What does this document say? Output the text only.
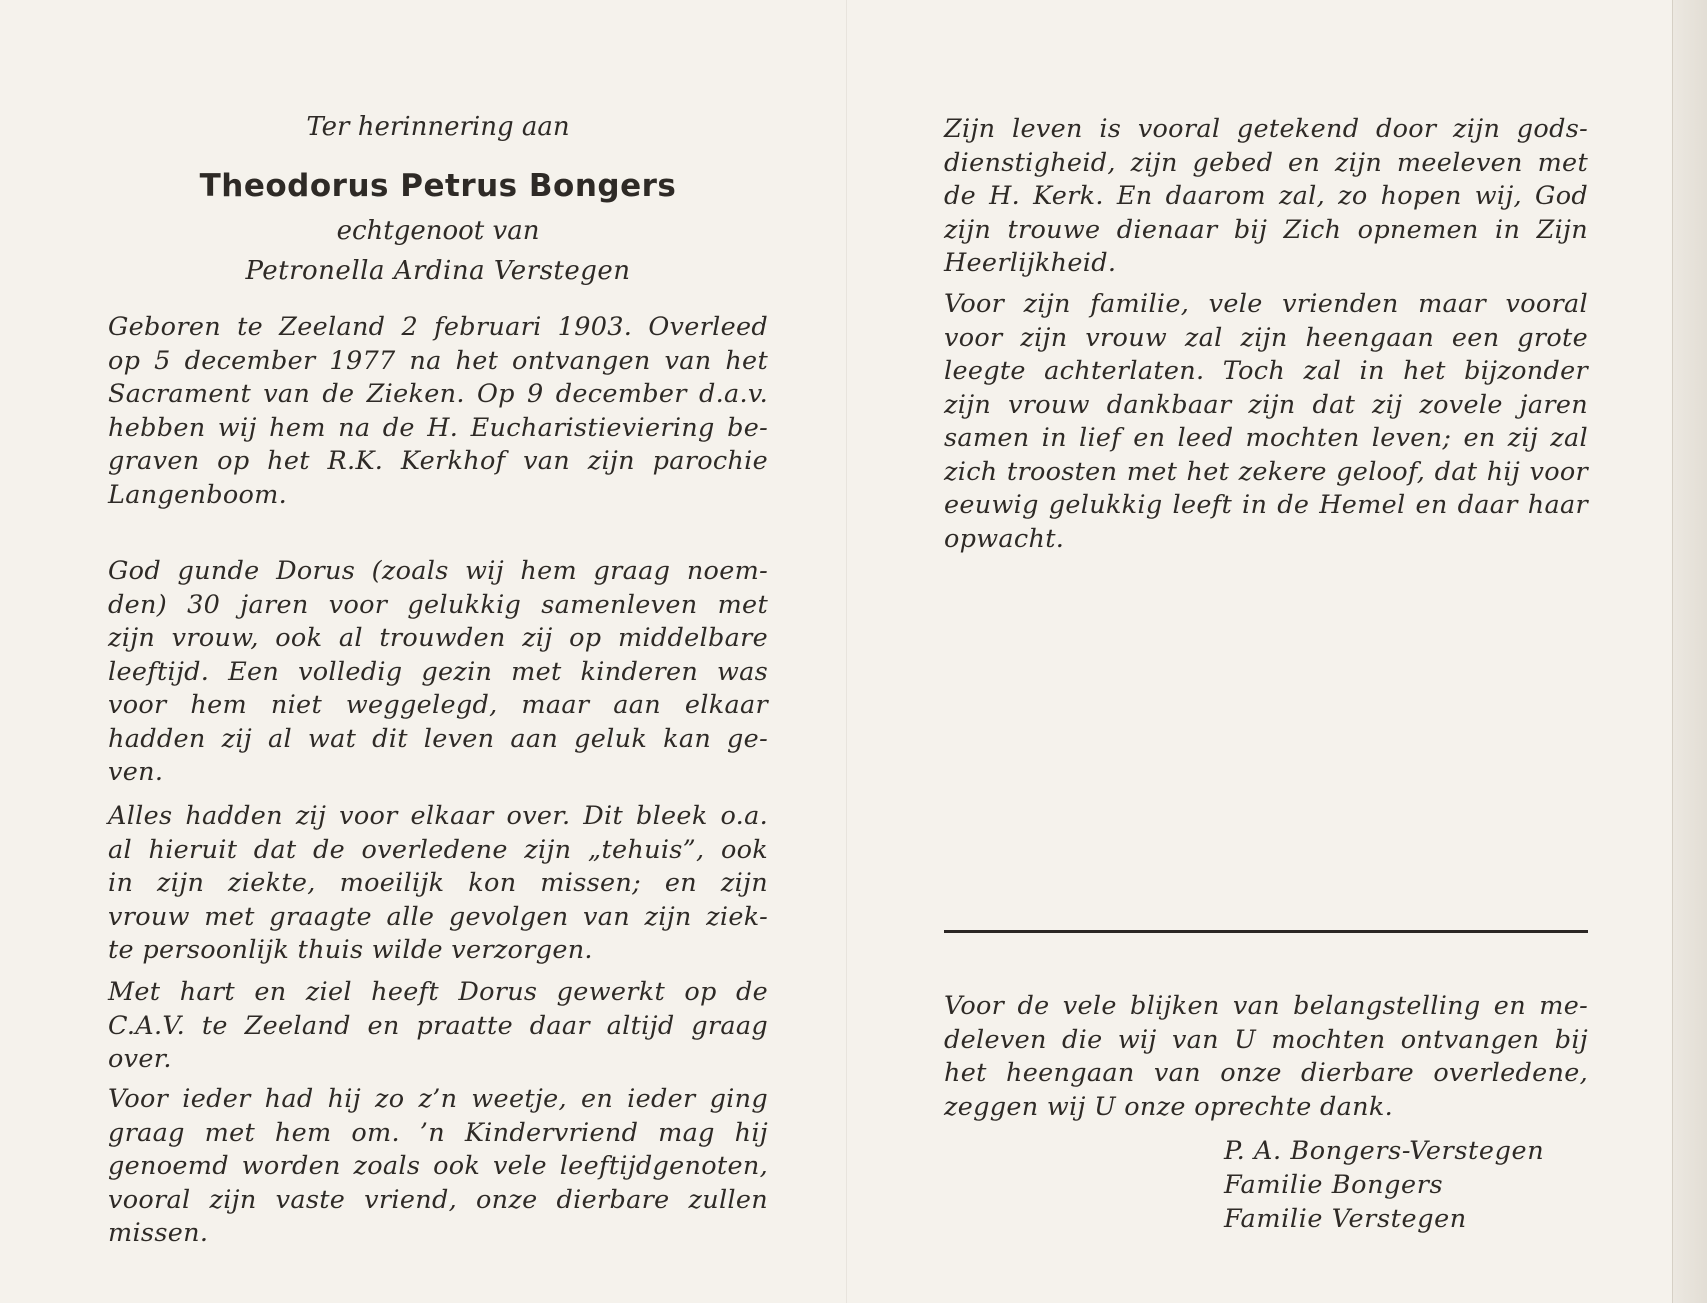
Ter herinnering aan
Theodorus Petrus Bongers
echtgenoot van
Petronella Ardina Verstegen

Geboren te Zeeland 2 februari 1903. Overleed
op 5 december 1977 na het ontvangen van het
Sacrament van de Zieken. Op 9 december d.a.v.
hebben wij hem na de H. Eucharistieviering be-
graven op het R.K. Kerkhof van zijn parochie
Langenboom.

God gunde Dorus (zoals wij hem graag noem-
den) 30 jaren voor gelukkig samenleven met
zijn vrouw, ook al trouwden zij op middelbare
leeftijd. Een volledig gezin met kinderen was
voor hem niet weggelegd, maar aan elkaar
hadden zij al wat dit leven aan geluk kan ge-
ven.

Alles hadden zij voor elkaar over. Dit bleek o.a.
al hieruit dat de overledene zijn „tehuis”, ook
in zijn ziekte, moeilijk kon missen; en zijn
vrouw met graagte alle gevolgen van zijn ziek-
te persoonlijk thuis wilde verzorgen.

Met hart en ziel heeft Dorus gewerkt op de
C.A.V. te Zeeland en praatte daar altijd graag
over.

Voor ieder had hij zo z’n weetje, en ieder ging
graag met hem om. ’n Kindervriend mag hij
genoemd worden zoals ook vele leeftijdgenoten,
vooral zijn vaste vriend, onze dierbare zullen
missen.

Zijn leven is vooral getekend door zijn gods-
dienstigheid, zijn gebed en zijn meeleven met
de H. Kerk. En daarom zal, zo hopen wij, God
zijn trouwe dienaar bij Zich opnemen in Zijn
Heerlijkheid.

Voor zijn familie, vele vrienden maar vooral
voor zijn vrouw zal zijn heengaan een grote
leegte achterlaten. Toch zal in het bijzonder
zijn vrouw dankbaar zijn dat zij zovele jaren
samen in lief en leed mochten leven; en zij zal
zich troosten met het zekere geloof, dat hij voor
eeuwig gelukkig leeft in de Hemel en daar haar
opwacht.

Voor de vele blijken van belangstelling en me-
deleven die wij van U mochten ontvangen bij
het heengaan van onze dierbare overledene,
zeggen wij U onze oprechte dank.

P. A. Bongers-Verstegen
Familie Bongers
Familie Verstegen
